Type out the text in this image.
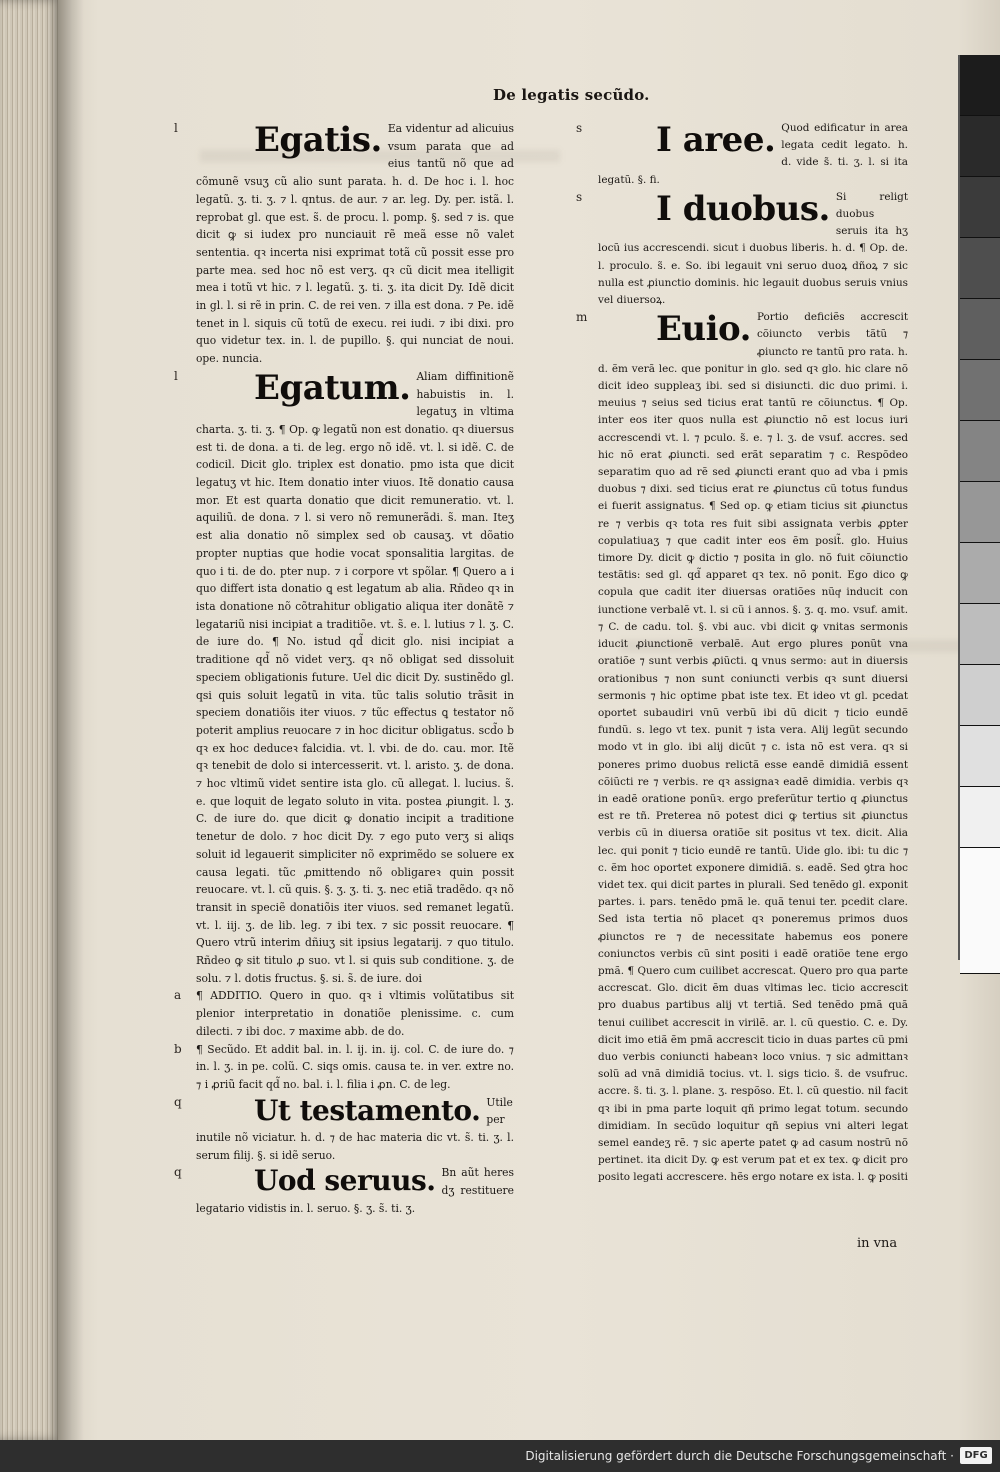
De legatis secũdo.

l Egatis. Ea videntur ad alicuius vsum parata que ad eius tantũ nõ que ad cõmunẽ vsuʒ cũ alio sunt parata. h. d. De hoc i. l. hoc legatũ. ʒ. ti. ʒ. ⁊ l. qntus. de aur. ⁊ ar. leg. Dy. per. istã. l. reprobat gl. que est. s̃. de procu. l. pomp. §. sed ⁊ is. que dicit ꝙ si iudex pro nunciauit rẽ meã esse nõ valet sententia. qꝛ incerta nisi exprimat totã cũ possit esse pro parte mea. sed hoc nõ est verʒ. qꝛ cũ dicit mea itelligit mea i totũ vt hic. ⁊ l. legatũ. ʒ. ti. ʒ. ita dicit Dy. Idẽ dicit in gl. l. si rẽ in prin. C. de rei ven. ⁊ illa est dona. ⁊ Pe. idẽ tenet in l. siquis cũ totũ de execu. rei iudi. ⁊ ibi dixi. pro quo videtur tex. in. l. de pupillo. §. qui nunciat de noui. ope. nuncia.

l Egatum. Aliam diffinitionẽ habuistis in. l. legatuʒ in vltima charta. ʒ. ti. ʒ. ¶ Op. ꝙ legatũ non est donatio. qꝛ diuersus est ti. de dona. a ti. de leg. ergo nõ idẽ. vt. l. si idẽ. C. de codicil. Dicit glo. triplex est donatio. pmo ista que dicit legatuʒ vt hic. Item donatio inter viuos. Itẽ donatio causa mor. Et est quarta donatio que dicit remuneratio. vt. l. aquiliũ. de dona. ⁊ l. si vero nõ remunerãdi. s̃. man. Iteʒ est alia donatio nõ simplex sed ob causaʒ. vt dõatio propter nuptias que hodie vocat sponsalitia largitas. de quo i ti. de do. pter nup. ⁊ i corpore vt spõlar. ¶ Quero a i quo differt ista donatio ꝗ est legatum ab alia. Rñdeo qꝛ in ista donatione nõ cõtrahitur obligatio aliqua iter donãtẽ ⁊ legatariũ nisi incipiat a traditiõe. vt. s̃. e. l. lutius ⁊ l. ʒ. C. de iure do. ¶ No. istud qd̃ dicit glo. nisi incipiat a traditione qd̃ nõ videt verʒ. qꝛ nõ obligat sed dissoluit speciem obligationis future. Uel dic dicit Dy. sustinẽdo gl. qsi quis soluit legatũ in vita. tũc talis solutio trãsit in speciem donatiõis iter viuos. ⁊ tũc effectus ꝗ testator nõ poterit amplius reuocare ⁊ in hoc dicitur obligatus. scd̃o b qꝛ ex hoc deduceꝛ falcidia. vt. l. vbi. de do. cau. mor. Itẽ qꝛ tenebit de dolo si intercesserit. vt. l. aristo. ʒ. de dona. ⁊ hoc vltimũ videt sentire ista glo. cũ allegat. l. lucius. s̃. e. que loquit de legato soluto in vita. postea ꝓiungit. l. ʒ. C. de iure do. que dicit ꝙ donatio incipit a traditione tenetur de dolo. ⁊ hoc dicit Dy. ⁊ ego puto verʒ si aliqs soluit id legauerit simpliciter nõ exprimẽdo se soluere ex causa legati. tũc ꝓmittendo nõ obligareꝛ quin possit reuocare. vt. l. cũ quis. §. ʒ. ʒ. ti. ʒ. nec etiã tradẽdo. qꝛ nõ transit in speciẽ donatiõis iter viuos. sed remanet legatũ. vt. l. iij. ʒ. de lib. leg. ⁊ ibi tex. ⁊ sic possit reuocare. ¶ Quero vtrũ interim dñiuʒ sit ipsius legatarij. ⁊ quo titulo. Rñdeo ꝙ sit titulo ꝓ suo. vt l. si quis sub conditione. ʒ. de solu. ⁊ l. dotis fructus. §. si. s̃. de iure. doi

a ¶ ADDITIO. Quero in quo. qꝛ i vltimis volũtatibus sit plenior interpretatio in donatiõe plenissime. c. cum dilecti. ⁊ ibi doc. ⁊ maxime abb. de do.

b ¶ Secũdo. Et addit bal. in. l. ij. in. ij. col. C. de iure do. ⁊ in. l. ʒ. in pe. colũ. C. siqs omis. causa te. in ver. extre no. ⁊ i ꝓriũ facit qd̃ no. bal. i. l. filia i ꝓn. C. de leg.

q	Ut testamento. Utile per inutile nõ viciatur. h. d. ⁊ de hac materia dic vt. s̃. ti. ʒ. l. serum filij. §. si idẽ seruo.

q	Uod seruus. Bn aũt heres dʒ restituere legatario vidistis in. l. seruo. §. ʒ. s̃. ti. ʒ.

s I aree. Quod edificatur in area legata cedit legato. h. d. vide s̃. ti. ʒ. l. si ita legatũ. §. fi.

s I duobus. Si religt duobus seruis ita hʒ locũ ius accrescendi. sicut i duobus liberis. h. d. ¶ Op. de. l. proculo. s̃. e. So. ibi legauit vni seruo duoꝝ dñoꝝ ⁊ sic nulla est ꝓiunctio dominis. hic legauit duobus seruis vnius vel diuersoꝝ.

m Euio. Portio deficiẽs accrescit cõiuncto verbis tãtũ ⁊ ꝓiuncto re tantũ pro rata. h. d. ẽm verã lec. que ponitur in glo. sed qꝛ glo. hic clare nõ dicit ideo suppleaʒ ibi. sed si disiuncti. dic duo primi. i. meuius ⁊ seius sed ticius erat tantũ re cõiunctus. ¶ Op. inter eos iter quos nulla est ꝓiunctio nõ est locus iuri accrescendi vt. l. ⁊ pculo. s̃. e. ⁊ l. ʒ. de vsuf. accres. sed hic nõ erat ꝓiuncti. sed erãt separatim ⁊ c. Respõdeo separatim quo ad rẽ sed ꝓiuncti erant quo ad vba i pmis duobus ⁊ dixi. sed ticius erat re ꝓiunctus cũ totus fundus ei fuerit assignatus. ¶ Sed op. ꝙ etiam ticius sit ꝓiunctus re ⁊ verbis qꝛ tota res fuit sibi assignata verbis ꝓpter copulatiuaʒ ⁊ que cadit inter eos ẽm posit̃. glo. Huius timore Dy. dicit ꝙ dictio ⁊ posita in glo. nõ fuit cõiunctio testãtis: sed gl. qd̃ apparet qꝛ tex. nõ ponit. Ego dico ꝙ copula que cadit iter diuersas oratiões nũqͣ inducit con iunctione verbalẽ vt. l. si cũ i annos. §. ʒ. q. mo. vsuf. amit. ⁊ C. de cadu. tol. §. vbi auc. vbi dicit ꝙ vnitas sermonis iducit ꝓiunctionẽ verbalẽ. Aut ergo plures ponũt vna oratiõe ⁊ sunt verbis ꝓiũcti. ꝗ vnus sermo: aut in diuersis orationibus ⁊ non sunt coniuncti verbis qꝛ sunt diuersi sermonis ⁊ hic optime pbat iste tex. Et ideo vt gl. pcedat oportet subaudiri vnũ verbũ ibi dũ dicit ⁊ ticio eundẽ fundũ. s. lego vt tex. punit ⁊ ista vera. Alij legũt secundo modo vt in glo. ibi alij dicũt ⁊ c. ista nõ est vera. qꝛ si poneres primo duobus relictã esse eandẽ dimidiã essent cõiũcti re ⁊ verbis. re qꝛ assignaꝛ eadẽ dimidia. verbis qꝛ in eadẽ oratione ponũꝛ. ergo preferũtur tertio q ꝓiunctus est re tñ. Preterea nõ potest dici ꝙ tertius sit ꝓiunctus verbis cũ in diuersa oratiõe sit positus vt tex. dicit. Alia lec. qui ponit ⁊ ticio eundẽ re tantũ. Uide glo. ibi: tu dic ⁊ c. ẽm hoc oportet exponere dimidiã. s. eadẽ. Sed ꝯtra hoc videt tex. qui dicit partes in plurali. Sed tenẽdo gl. exponit partes. i. pars. tenẽdo pmã le. quã tenui ter. pcedit clare. Sed ista tertia nõ placet qꝛ poneremus primos duos ꝓiunctos re ⁊ de necessitate habemus eos ponere coniunctos verbis cũ sint positi i eadẽ oratiõe tene ergo pmã. ¶ Quero cum cuilibet accrescat. Quero pro qua parte accrescat. Glo. dicit ẽm duas vltimas lec. ticio accrescit pro duabus partibus alij vt tertiã. Sed tenẽdo pmã quã tenui cuilibet accrescit in virilẽ. ar. l. cũ questio. C. e. Dy. dicit imo etiã ẽm pmã accrescit ticio in duas partes cũ pmi duo verbis coniuncti habeanꝛ loco vnius. ⁊ sic admittanꝛ solũ ad vnã dimidiã tocius. vt. l. sigs ticio. s̃. de vsufruc. accre. s̃. ti. ʒ. l. plane. ʒ. respõso. Et. l. cũ questio. nil facit qꝛ ibi in pma parte loquit qñ primo legat totum. secundo dimidiam. In secũdo loquitur qñ sepius vni alteri legat semel eandeʒ rẽ. ⁊ sic aperte patet ꝙ ad casum nostrũ nõ pertinet. ita dicit Dy. ꝙ est verum pat et ex tex. ꝙ dicit pro posito legati accrescere. hẽs ergo notare ex ista. l. ꝙ positi

in vna
Digitalisierung gefördert durch die Deutsche Forschungsgemeinschaft ·	DFG
